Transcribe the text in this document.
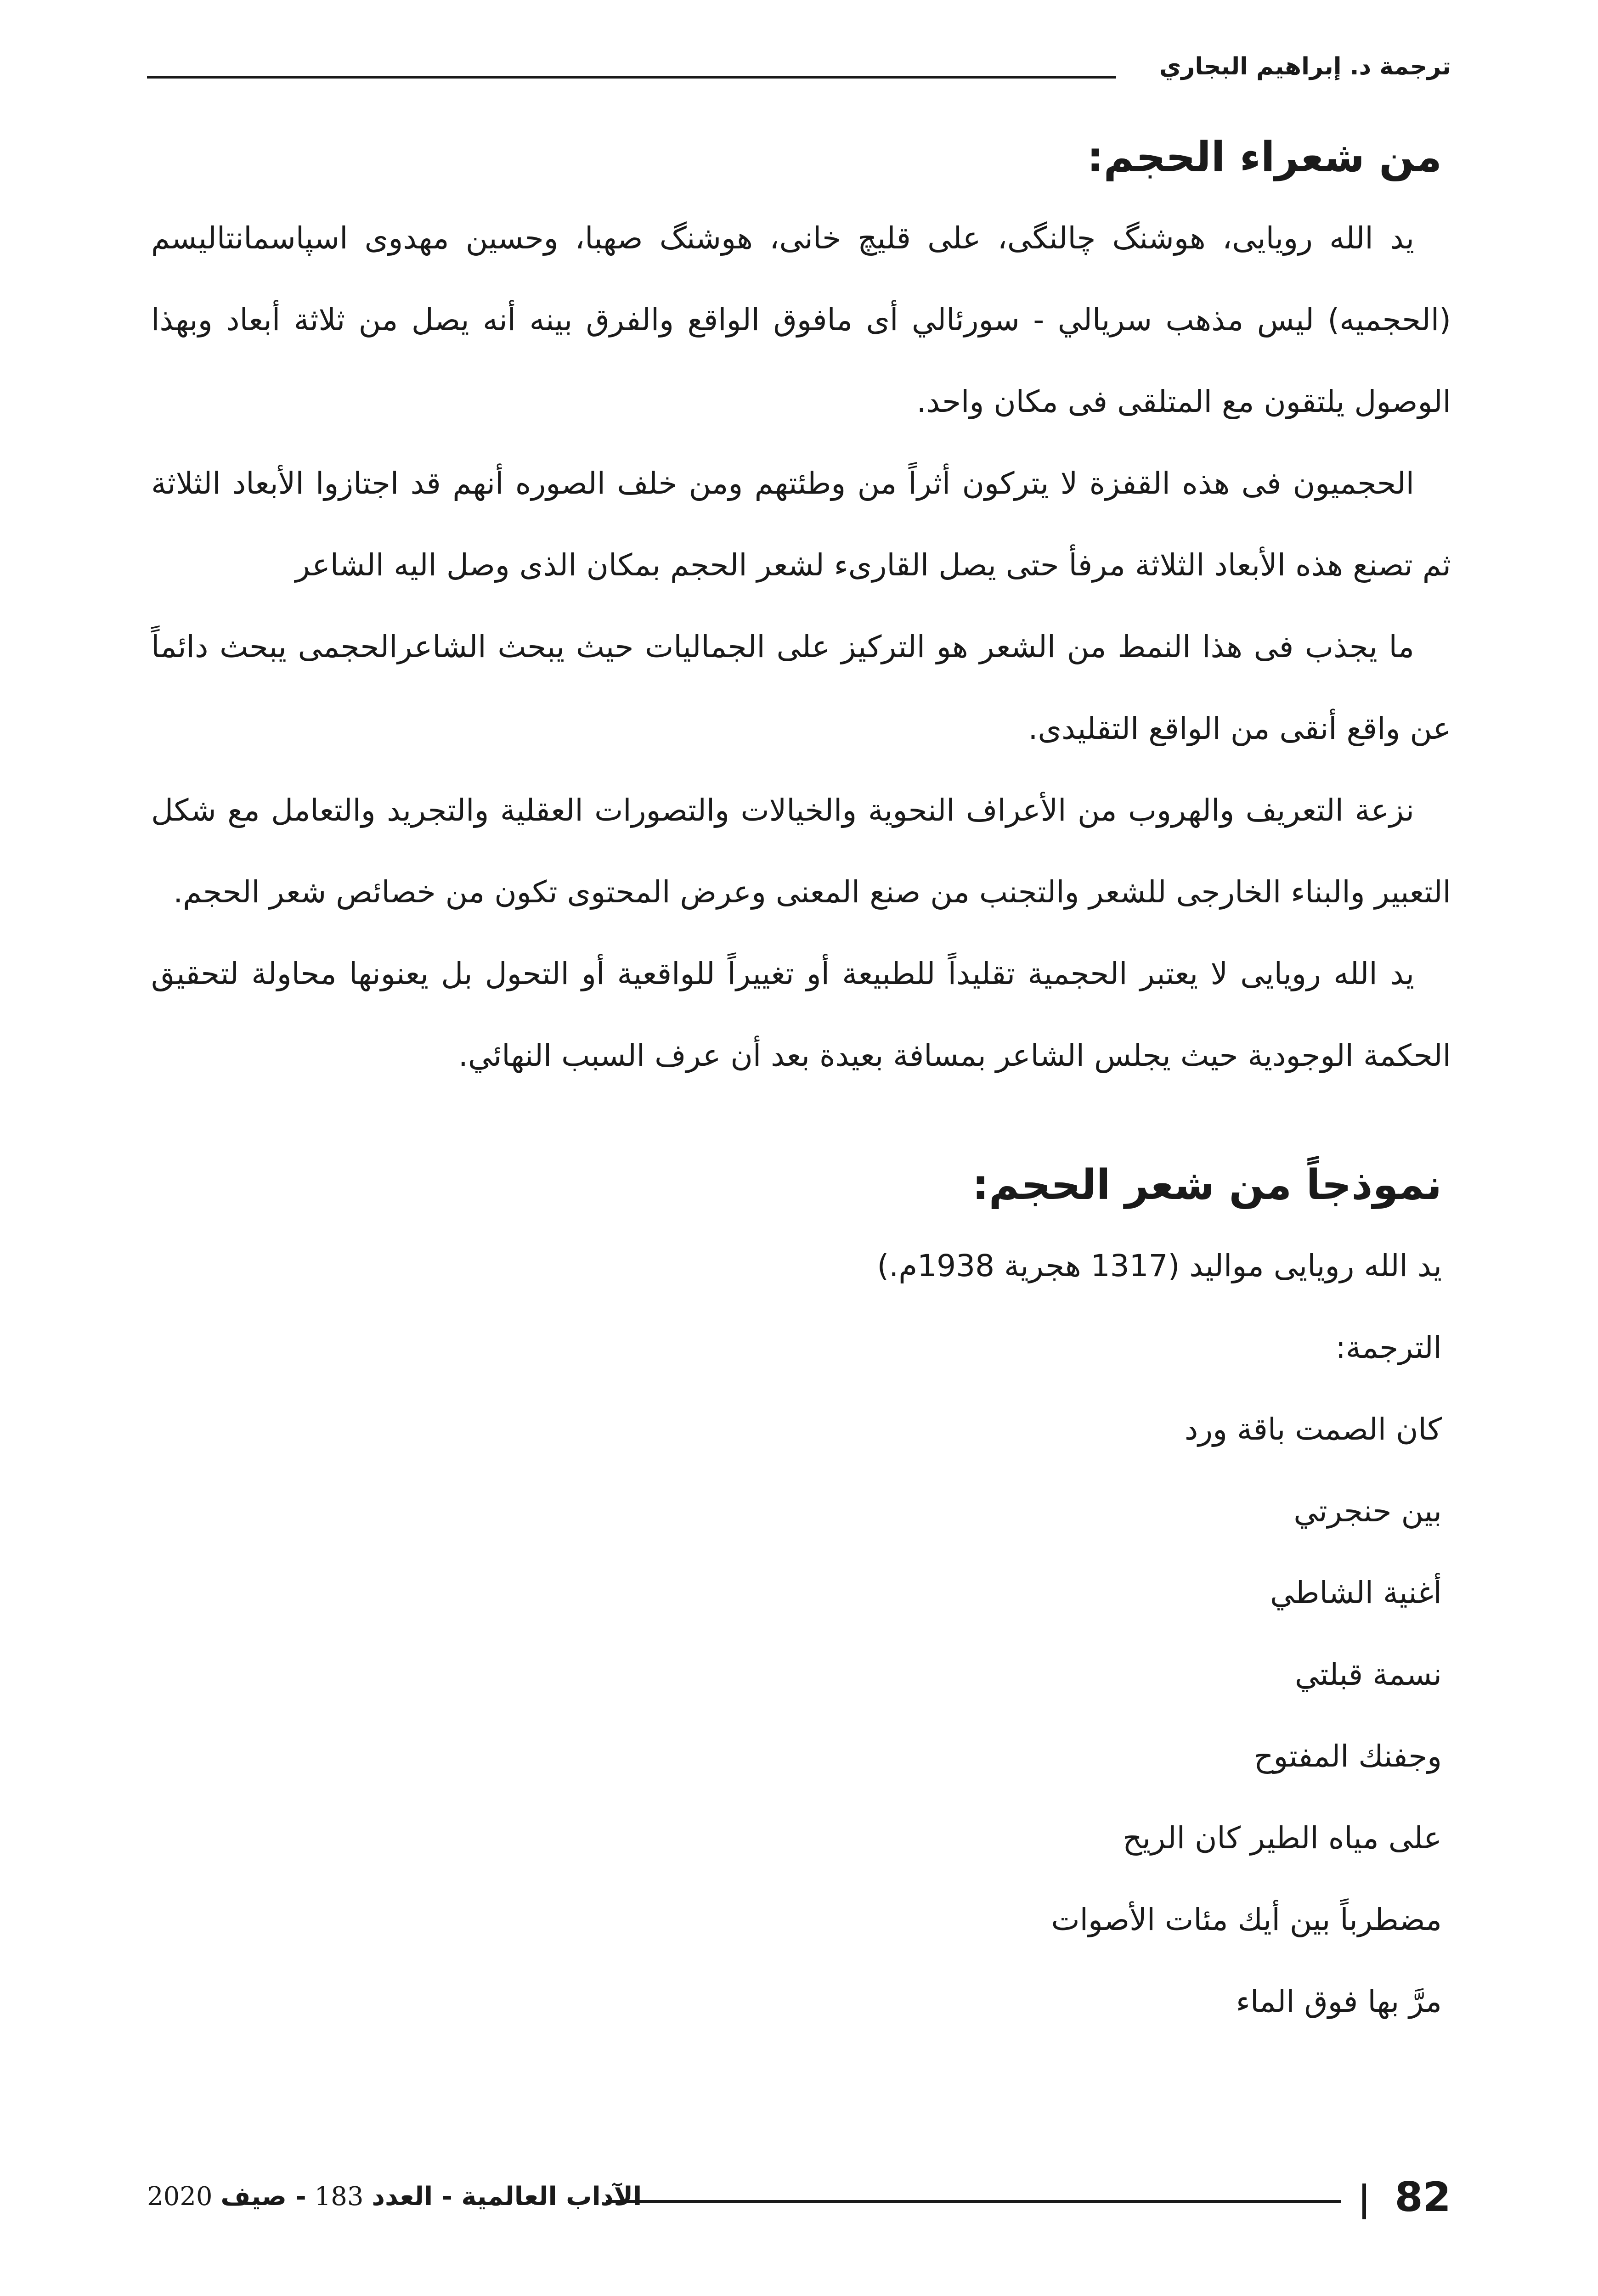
ترجمة د. إبراهيم البجاري
من شعراء الحجم:

يد الله رويايى، هوشنگ چالنگى، على قليچ خانى، هوشنگ صهبا، وحسين مهدوى اسپاسمانتاليسم (الحجميه) ليس مذهب سريالي - سورئالي أى مافوق الواقع والفرق بينه أنه يصل من ثلاثة أبعاد وبهذا الوصول يلتقون مع المتلقى فى مكان واحد.

الحجميون فى هذه القفزة لا يتركون أثراً من وطئتهم ومن خلف الصوره أنهم قد اجتازوا الأبعاد الثلاثة ثم تصنع هذه الأبعاد الثلاثة مرفأ حتى يصل القارىء لشعر الحجم بمكان الذى وصل اليه الشاعر

ما يجذب فى هذا النمط من الشعر هو التركيز على الجماليات حيث يبحث الشاعرالحجمى يبحث دائماً عن واقع أنقى من الواقع التقليدى.

نزعة التعريف والهروب من الأعراف النحوية والخيالات والتصورات العقلية والتجريد والتعامل مع شكل التعبير والبناء الخارجى للشعر والتجنب من صنع المعنى وعرض المحتوى تكون من خصائص شعر الحجم.

يد الله رويايى لا يعتبر الحجمية تقليداً للطبيعة أو تغييراً للواقعية أو التحول بل يعنونها محاولة لتحقيق الحكمة الوجودية حيث يجلس الشاعر بمسافة بعيدة بعد أن عرف السبب النهائي.

نموذجاً من شعر الحجم:
يد الله رويايى مواليد (1317 هجرية 1938م.)
الترجمة:
كان الصمت باقة ورد
بين حنجرتي
أغنية الشاطي
نسمة قبلتي
وجفنك المفتوح
على مياه الطير كان الريح
مضطرباً بين أيك مئات الأصوات
مرَّ بها فوق الماء
82
الآداب العالمية - العدد 183 - صيف 2020
